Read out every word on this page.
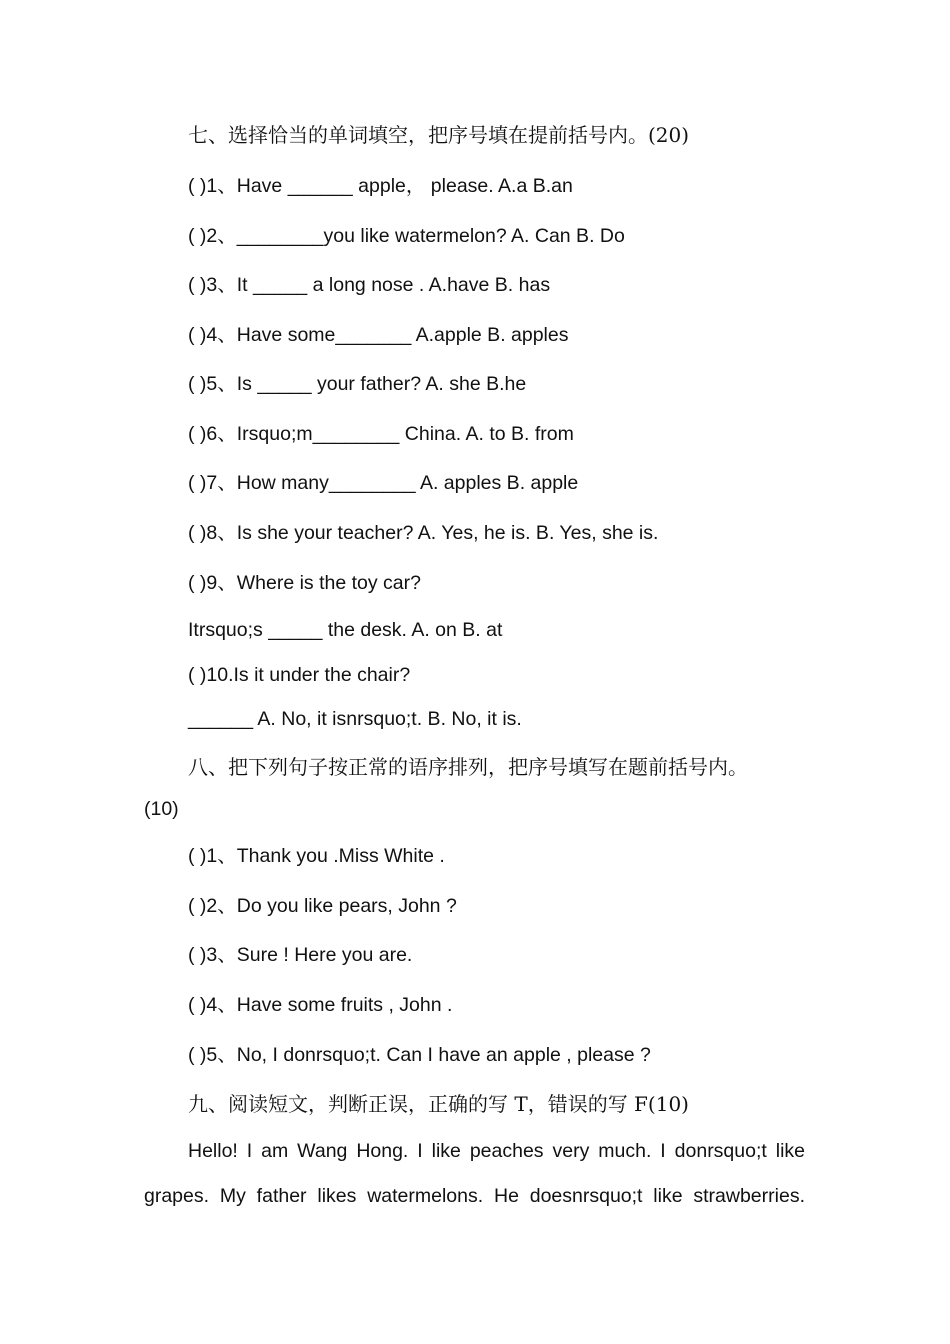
七、选择恰当的单词填空，把序号填在提前括号内。(20)
( )1、Have ______ apple， please. A.a B.an
( )2、________you like watermelon? A. Can B. Do
( )3、It _____ a long nose . A.have B. has
( )4、Have some_______ A.apple B. apples
( )5、Is _____ your father? A. she B.he
( )6、Irsquo;m________ China. A. to B. from
( )7、How many________ A. apples B. apple
( )8、Is she your teacher? A. Yes, he is. B. Yes, she is.
( )9、Where is the toy car?
Itrsquo;s _____ the desk. A. on B. at
( )10.Is it under the chair?
______ A. No, it isnrsquo;t. B. No, it is.
八、把下列句子按正常的语序排列，把序号填写在题前括号内。
(10)
( )1、Thank you .Miss White .
( )2、Do you like pears, John ?
( )3、Sure ! Here you are.
( )4、Have some fruits , John .
( )5、No, I donrsquo;t. Can I have an apple , please ?
九、阅读短文，判断正误，正确的写 T，错误的写 F(10)
Hello! I am Wang Hong. I like peaches very much. I donrsquo;t like
grapes. My father likes watermelons. He doesnrsquo;t like strawberries.
